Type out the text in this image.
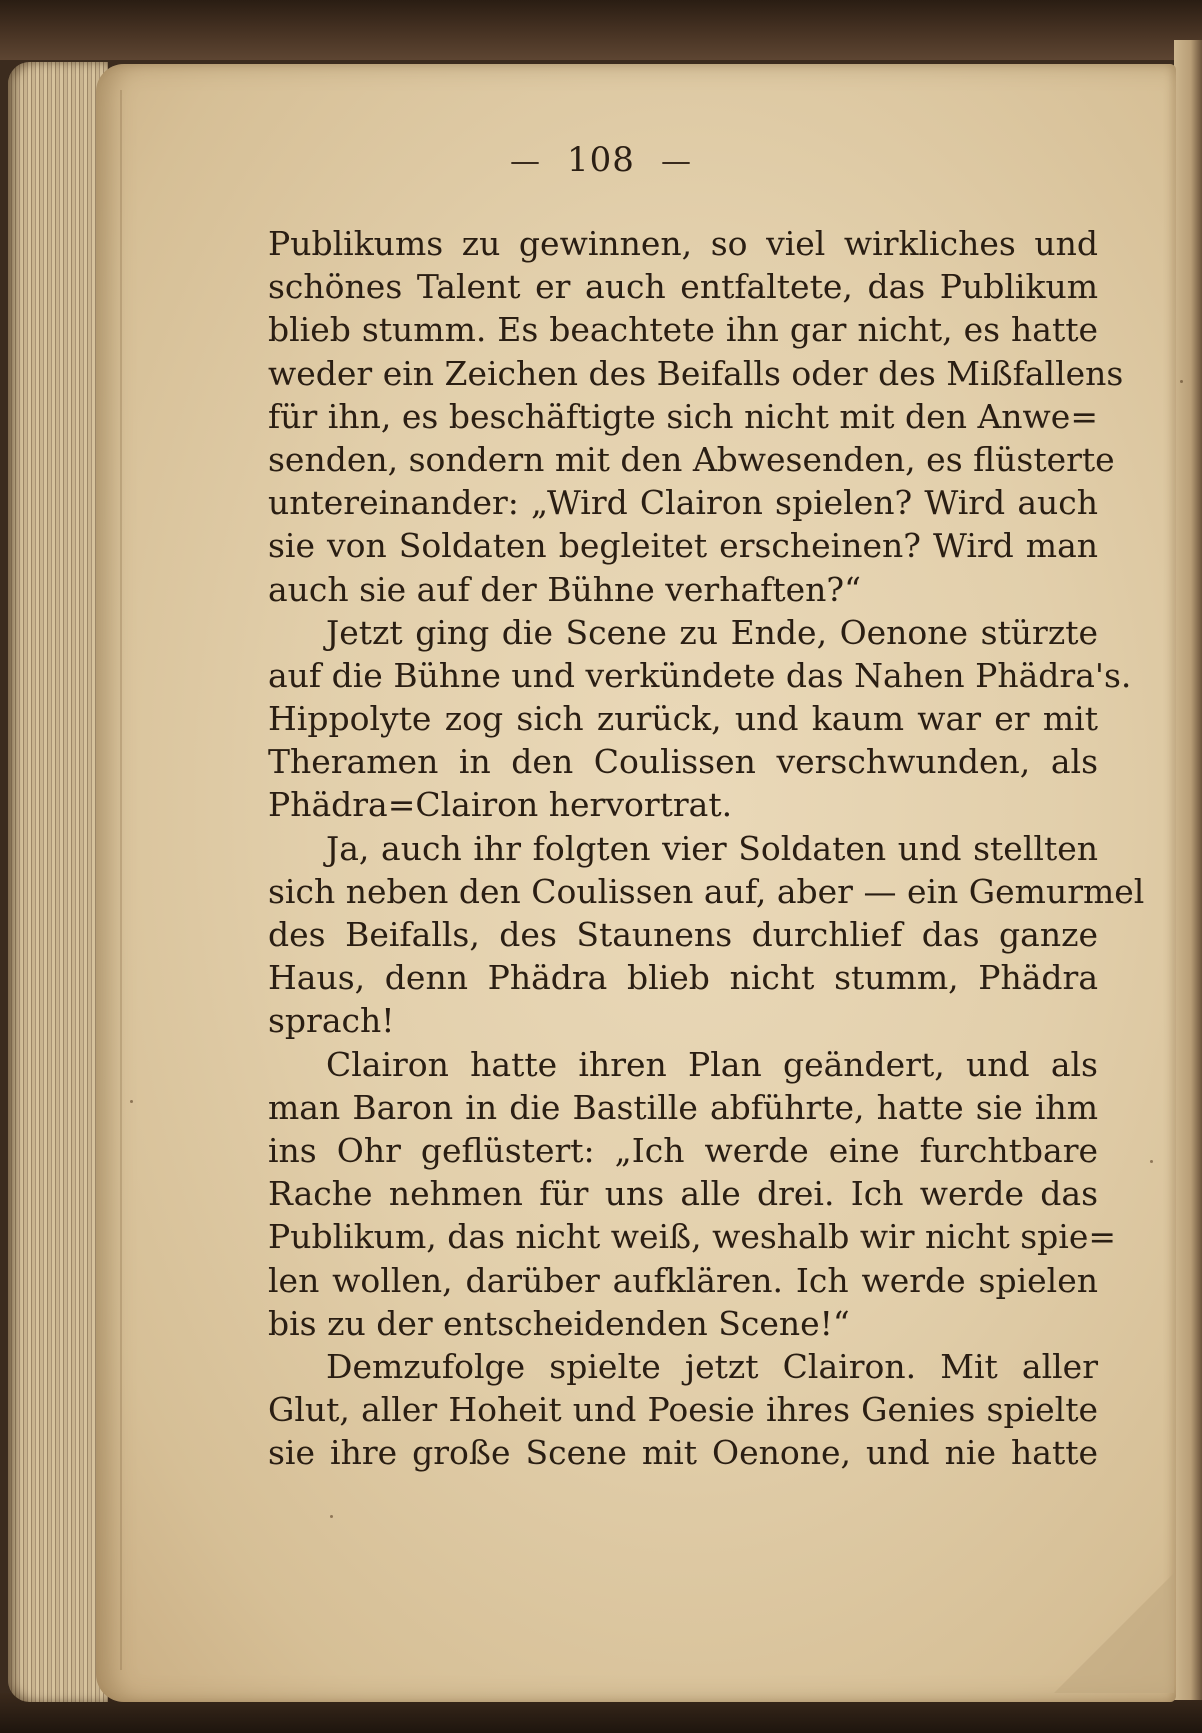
— 108 —
Publikums zu gewinnen, so viel wirkliches und
schönes Talent er auch entfaltete, das Publikum
blieb stumm. Es beachtete ihn gar nicht, es hatte
weder ein Zeichen des Beifalls oder des Mißfallens
für ihn, es beschäftigte sich nicht mit den Anwe=
senden, sondern mit den Abwesenden, es flüsterte
untereinander: „Wird Clairon spielen? Wird auch
sie von Soldaten begleitet erscheinen? Wird man
auch sie auf der Bühne verhaften?“
Jetzt ging die Scene zu Ende, Oenone stürzte
auf die Bühne und verkündete das Nahen Phädra's.
Hippolyte zog sich zurück, und kaum war er mit
Theramen in den Coulissen verschwunden, als
Phädra=Clairon hervortrat.
Ja, auch ihr folgten vier Soldaten und stellten
sich neben den Coulissen auf, aber — ein Gemurmel
des Beifalls, des Staunens durchlief das ganze
Haus, denn Phädra blieb nicht stumm, Phädra
sprach!
Clairon hatte ihren Plan geändert, und als
man Baron in die Bastille abführte, hatte sie ihm
ins Ohr geflüstert: „Ich werde eine furchtbare
Rache nehmen für uns alle drei. Ich werde das
Publikum, das nicht weiß, weshalb wir nicht spie=
len wollen, darüber aufklären. Ich werde spielen
bis zu der entscheidenden Scene!“
Demzufolge spielte jetzt Clairon. Mit aller
Glut, aller Hoheit und Poesie ihres Genies spielte
sie ihre große Scene mit Oenone, und nie hatte
